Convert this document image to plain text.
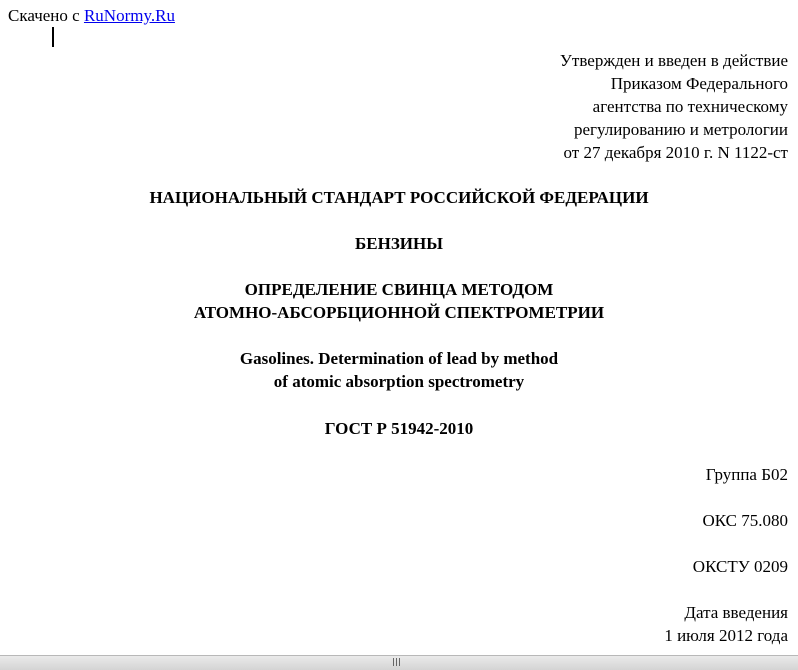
Скачено с RuNormy.Ru

Утвержден и введен в действие

Приказом Федерального

агентства по техническому

регулированию и метрологии

от 27 декабря 2010 г. N 1122-ст

НАЦИОНАЛЬНЫЙ СТАНДАРТ РОССИЙСКОЙ ФЕДЕРАЦИИ
БЕНЗИНЫ

ОПРЕДЕЛЕНИЕ СВИНЦА МЕТОДОМ

АТОМНО-АБСОРБЦИОННОЙ СПЕКТРОМЕТРИИ

Gasolines. Determination of lead by method

of atomic absorption spectrometry

ГОСТ Р 51942-2010
Группа Б02
ОКС 75.080
ОКСТУ 0209

Дата введения

1 июля 2012 года
